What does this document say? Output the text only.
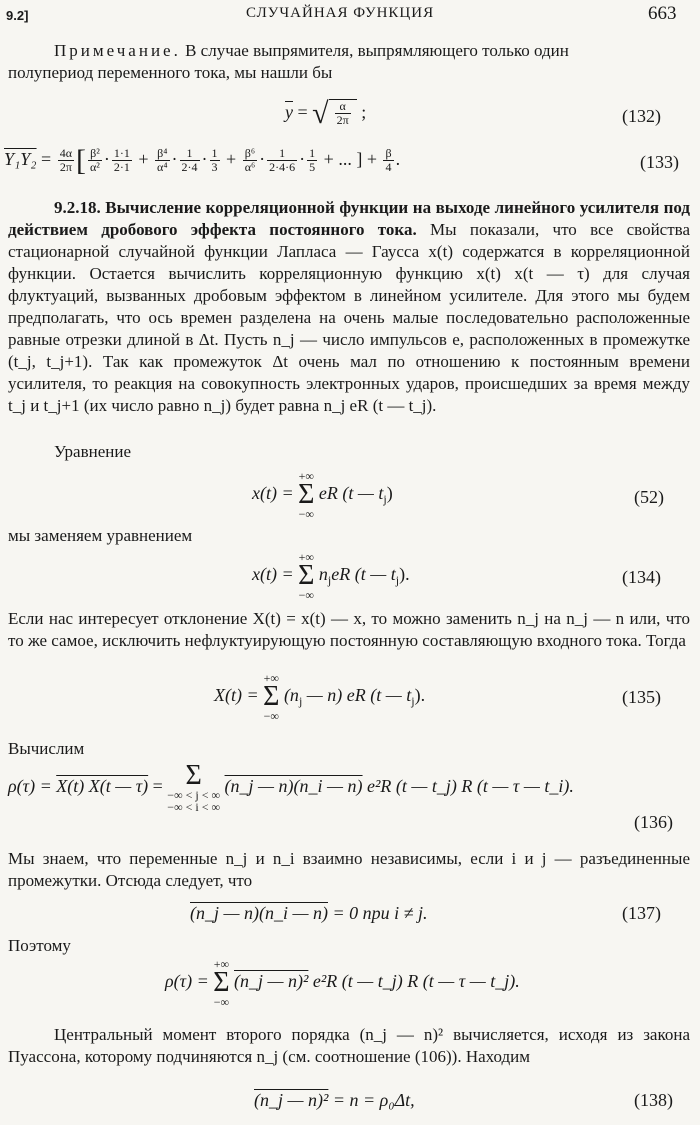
9.2]	СЛУЧАЙНАЯ ФУНКЦИЯ	663
Примечание. В случае выпрямителя, выпрямляющего только один
полупериод переменного тока, мы нашли бы
$\overline{y}$ = √ $\frac{\alpha}{2\pi}$ ;	(132)
$Y_1Y_2 = \frac{4\alpha}{2\pi}$ [ $\frac{\text{β²}}{\text{α²}} \cdot \frac{1\cdot 1}{2\cdot 1} + \frac{\text{β⁴}}{\text{α⁴}} \cdot \frac{1}{2\cdot 4} \cdot \frac{1}{3} + \frac{\text{β⁶}}{\text{α⁶}} \cdot \frac{1}{2\cdot 4\cdot 6} \cdot \frac{1}{5}$ + ... ] + $\frac{\beta}{4}$ .	(133)
9.2.18. Вычисление корреляционной функции на выходе линейного усилителя под действием дробового эффекта постоянного тока. Мы показали, что все свойства стационарной случайной функции Лапласа — Гаусса x(t) содержатся в корреляционной функции. Остается вычислить корреляционную функцию x(t) x(t — τ) для случая флуктуаций, вызванных дробовым эффектом в линейном усилителе. Для этого мы будем предполагать, что ось времен разделена на очень малые последовательно расположенные равные отрезки длиной в Δt. Пусть n_j — число импульсов e, расположенных в промежутке (t_j, t_j+1). Так как промежуток Δt очень мал по отношению к постоянным времени усилителя, то реакция на совокупность электронных ударов, происшедших за время между t_j и t_j+1 (их число равно n_j) будет равна n_j eR (t — t_j).
Уравнение
x(t) = +∞
Σ
−∞ eR (t — $t_j$)	(52)
мы заменяем уравнением
x(t) = +∞
Σ
−∞ $n_jeR$ (t — $t_j$).	(134)
Если нас интересует отклонение X(t) = x(t) — x, то можно заменить n_j на n_j — n или, что то же самое, исключить нефлуктуирующую постоянную составляющую входного тока. Тогда
X(t) = +∞
Σ
−∞ ($n_j$ — n) eR (t — $t_j$).	(135)
Вычислим
ρ(τ) = X(t) X(t — τ) = Σ
−∞ < j < ∞
−∞ < i < ∞ (n_j — n)(n_i — n) e²R (t — t_j) R (t — τ — t_i).
(136)
Мы знаем, что переменные n_j и n_i взаимно независимы, если i и j — разъединенные промежутки. Отсюда следует, что
(n_j — n)(n_i — n) = 0 при i ≠ j.	(137)
Поэтому
ρ(τ) = +∞
Σ
−∞ (n_j — n)² e²R (t — t_j) R (t — τ — t_j).
Центральный момент второго порядка (n_j — n)² вычисляется, исходя из закона Пуассона, которому подчиняются n_j (см. соотношение (106)). Находим
(n_j — n)² = n = ρ₀Δt,	(138)
